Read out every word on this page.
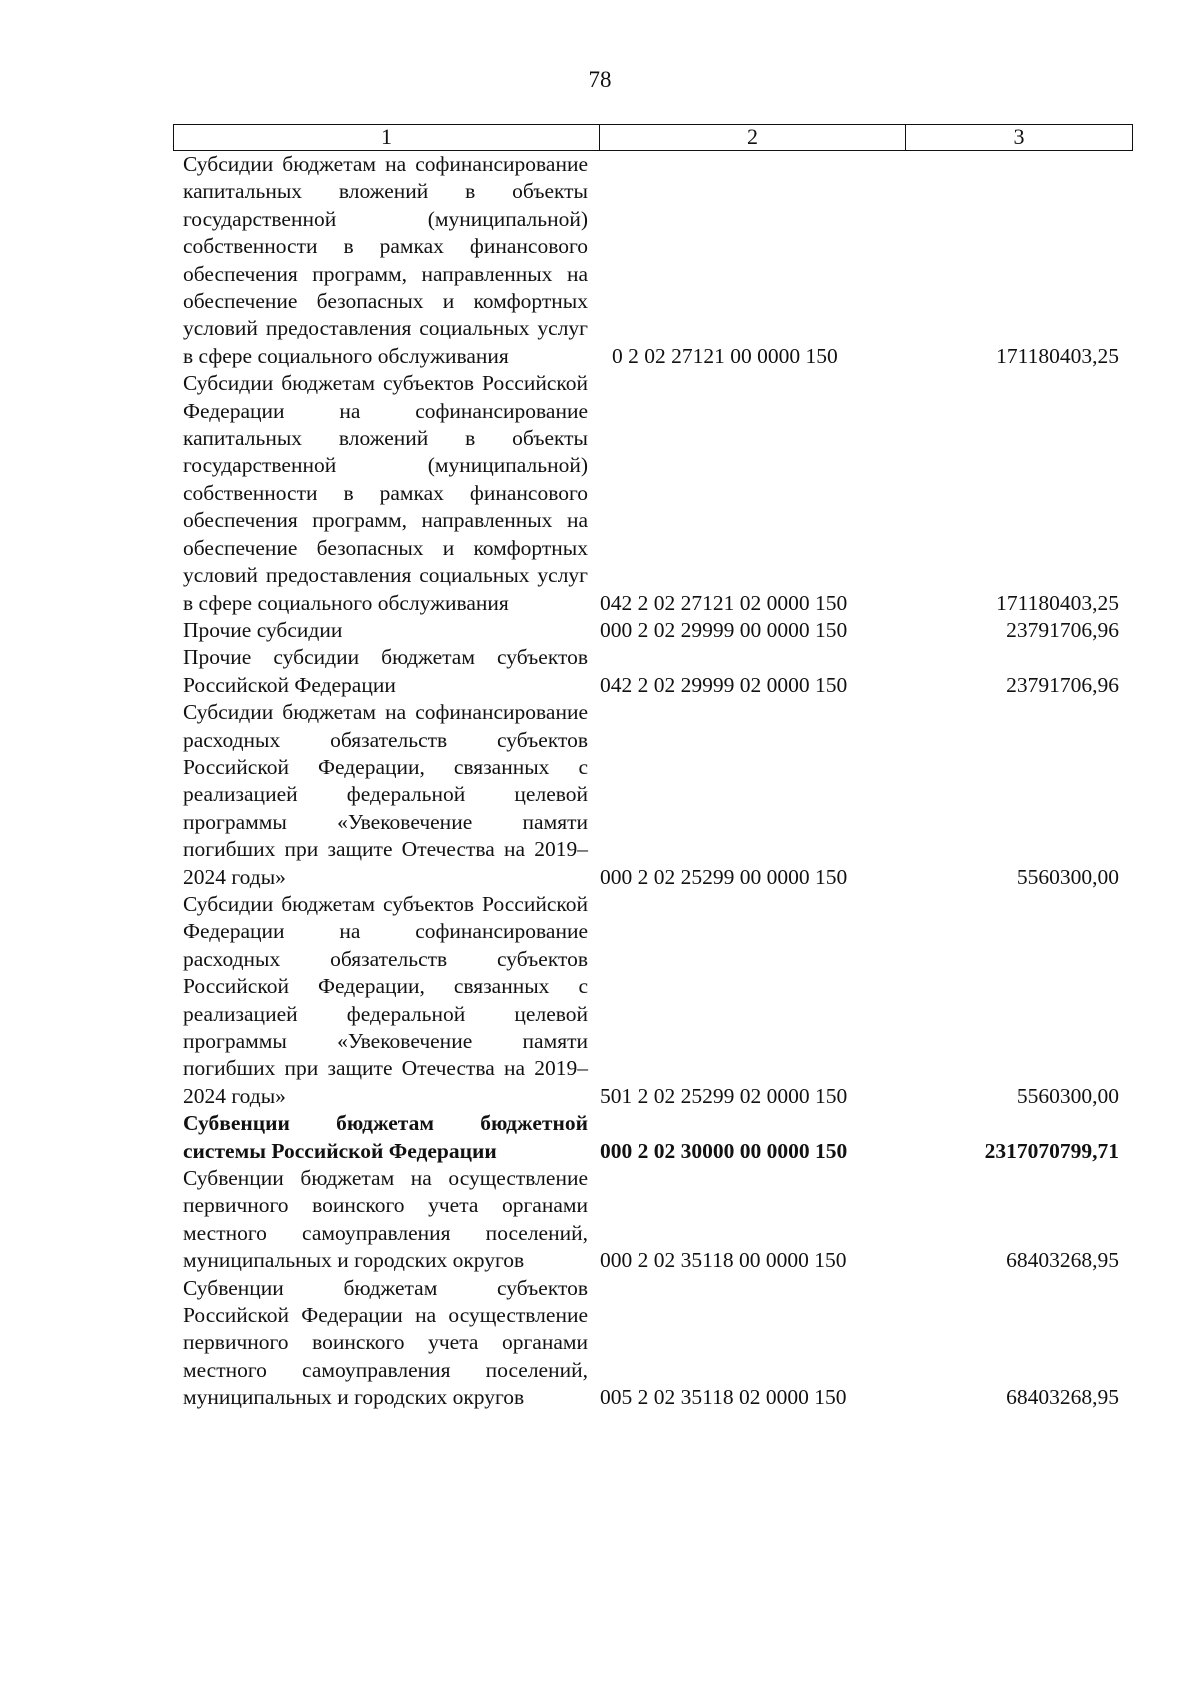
78
1	2	3
Субсидии бюджетам на софинансирование капитальных вложений в объекты государственной (муниципальной) собственности в рамках финансового обеспечения программ, направленных на обеспечение безопасных и комфортных условий предоставления социальных услуг в сфере социального обслуживания	0 2 02 27121 00 0000 150	171180403,25
Субсидии бюджетам субъектов Российской Федерации на софинансирование капитальных вложений в объекты государственной (муниципальной) собственности в рамках финансового обеспечения программ, направленных на обеспечение безопасных и комфортных условий предоставления социальных услуг в сфере социального обслуживания	042 2 02 27121 02 0000 150	171180403,25
Прочие субсидии	000 2 02 29999 00 0000 150	23791706,96
Прочие субсидии бюджетам субъектов Российской Федерации	042 2 02 29999 02 0000 150	23791706,96
Субсидии бюджетам на софинансирование расходных обязательств субъектов Российской Федерации, связанных с реализацией федеральной целевой программы «Увековечение памяти погибших при защите Отечества на 2019–2024 годы»	000 2 02 25299 00 0000 150	5560300,00
Субсидии бюджетам субъектов Российской Федерации на софинансирование расходных обязательств субъектов Российской Федерации, связанных с реализацией федеральной целевой программы «Увековечение памяти погибших при защите Отечества на 2019–2024 годы»	501 2 02 25299 02 0000 150	5560300,00
Субвенции бюджетам бюджетной системы Российской Федерации	000 2 02 30000 00 0000 150	2317070799,71
Субвенции бюджетам на осуществление первичного воинского учета органами местного самоуправления поселений, муниципальных и городских округов	000 2 02 35118 00 0000 150	68403268,95
Субвенции бюджетам субъектов Российской Федерации на осуществление первичного воинского учета органами местного самоуправления поселений, муниципальных и городских округов	005 2 02 35118 02 0000 150	68403268,95
